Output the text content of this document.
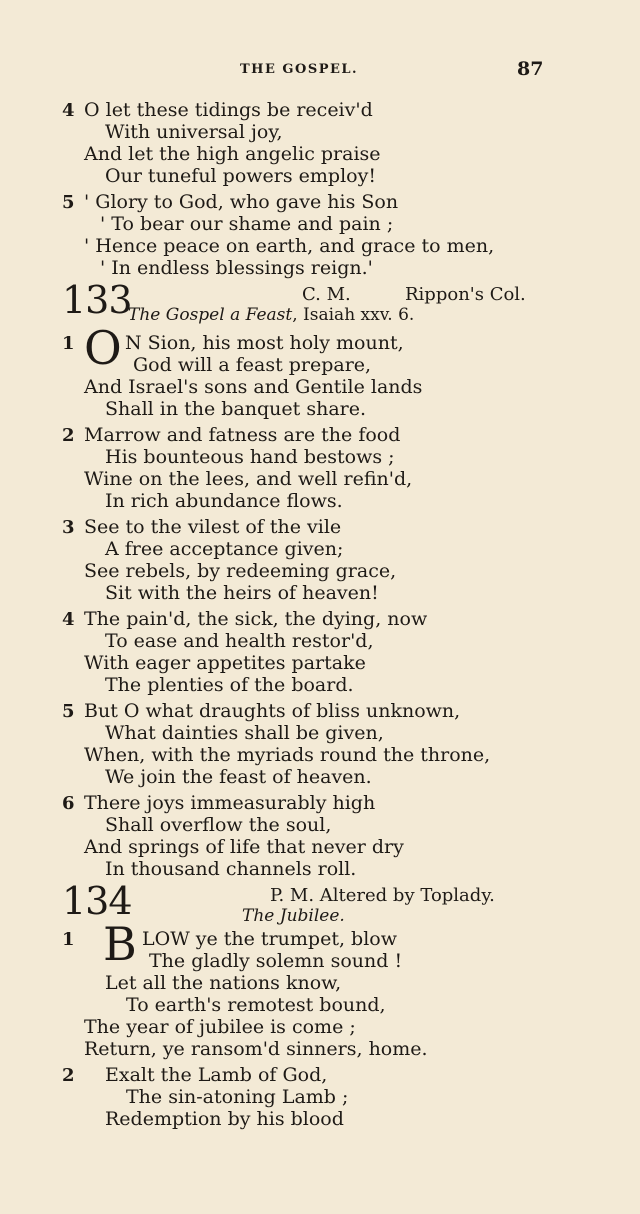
THE GOSPEL.	87
4 O let these tidings be receiv'd
With universal joy,
And let the high angelic praise
Our tuneful powers employ!
5 ' Glory to God, who gave his Son
' To bear our shame and pain ;
' Hence peace on earth, and grace to men,
' In endless blessings reign.'
133	C. M.	Rippon's Col.
The Gospel a Feast, Isaiah xxv. 6.
1 O N Sion, his most holy mount,
God will a feast prepare,
And Israel's sons and Gentile lands
Shall in the banquet share.
2 Marrow and fatness are the food
His bounteous hand bestows ;
Wine on the lees, and well refin'd,
In rich abundance flows.
3 See to the vilest of the vile
A free acceptance given;
See rebels, by redeeming grace,
Sit with the heirs of heaven!
4 The pain'd, the sick, the dying, now
To ease and health restor'd,
With eager appetites partake
The plenties of the board.
5 But O what draughts of bliss unknown,
What dainties shall be given,
When, with the myriads round the throne,
We join the feast of heaven.
6 There joys immeasurably high
Shall overflow the soul,
And springs of life that never dry
In thousand channels roll.
134	P. M. Altered by Toplady.
The Jubilee.
1 B LOW ye the trumpet, blow
The gladly solemn sound !
Let all the nations know,
To earth's remotest bound,
The year of jubilee is come ;
Return, ye ransom'd sinners, home.
2 Exalt the Lamb of God,
The sin-atoning Lamb ;
Redemption by his blood
